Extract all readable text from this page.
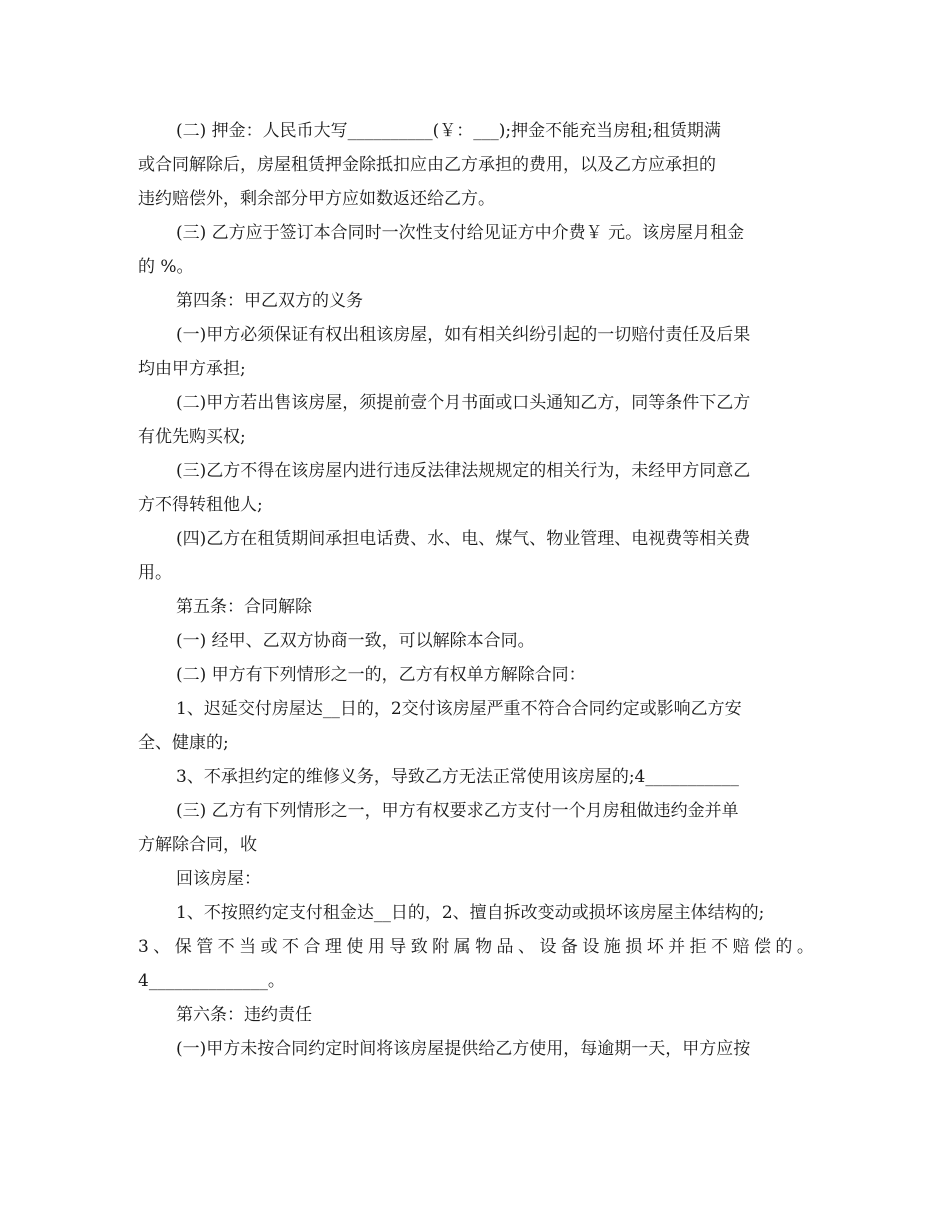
(二) 押金：人民币大写__________(￥：___);押金不能充当房租;租赁期满
或合同解除后，房屋租赁押金除抵扣应由乙方承担的费用，以及乙方应承担的
违约赔偿外，剩余部分甲方应如数返还给乙方。
(三) 乙方应于签订本合同时一次性支付给见证方中介费￥ 元。该房屋月租金
的 %。
第四条：甲乙双方的义务
(一)甲方必须保证有权出租该房屋，如有相关纠纷引起的一切赔付责任及后果
均由甲方承担;
(二)甲方若出售该房屋，须提前壹个月书面或口头通知乙方，同等条件下乙方
有优先购买权;
(三)乙方不得在该房屋内进行违反法律法规规定的相关行为，未经甲方同意乙
方不得转租他人;
(四)乙方在租赁期间承担电话费、水、电、煤气、物业管理、电视费等相关费
用。
第五条：合同解除
(一) 经甲、乙双方协商一致，可以解除本合同。
(二) 甲方有下列情形之一的，乙方有权单方解除合同：
1、迟延交付房屋达__日的，2交付该房屋严重不符合合同约定或影响乙方安
全、健康的;
3、不承担约定的维修义务，导致乙方无法正常使用该房屋的;4___________
(三) 乙方有下列情形之一，甲方有权要求乙方支付一个月房租做违约金并单
方解除合同，收
回该房屋：
1、不按照约定支付租金达__日的，2、擅自拆改变动或损坏该房屋主体结构的;
3 、 保 管 不 当 或 不 合 理 使 用 导 致 附 属 物 品 、 设 备 设 施 损 坏 并 拒 不 赔 偿 的 。
4______________。
第六条：违约责任
(一)甲方未按合同约定时间将该房屋提供给乙方使用，每逾期一天，甲方应按
